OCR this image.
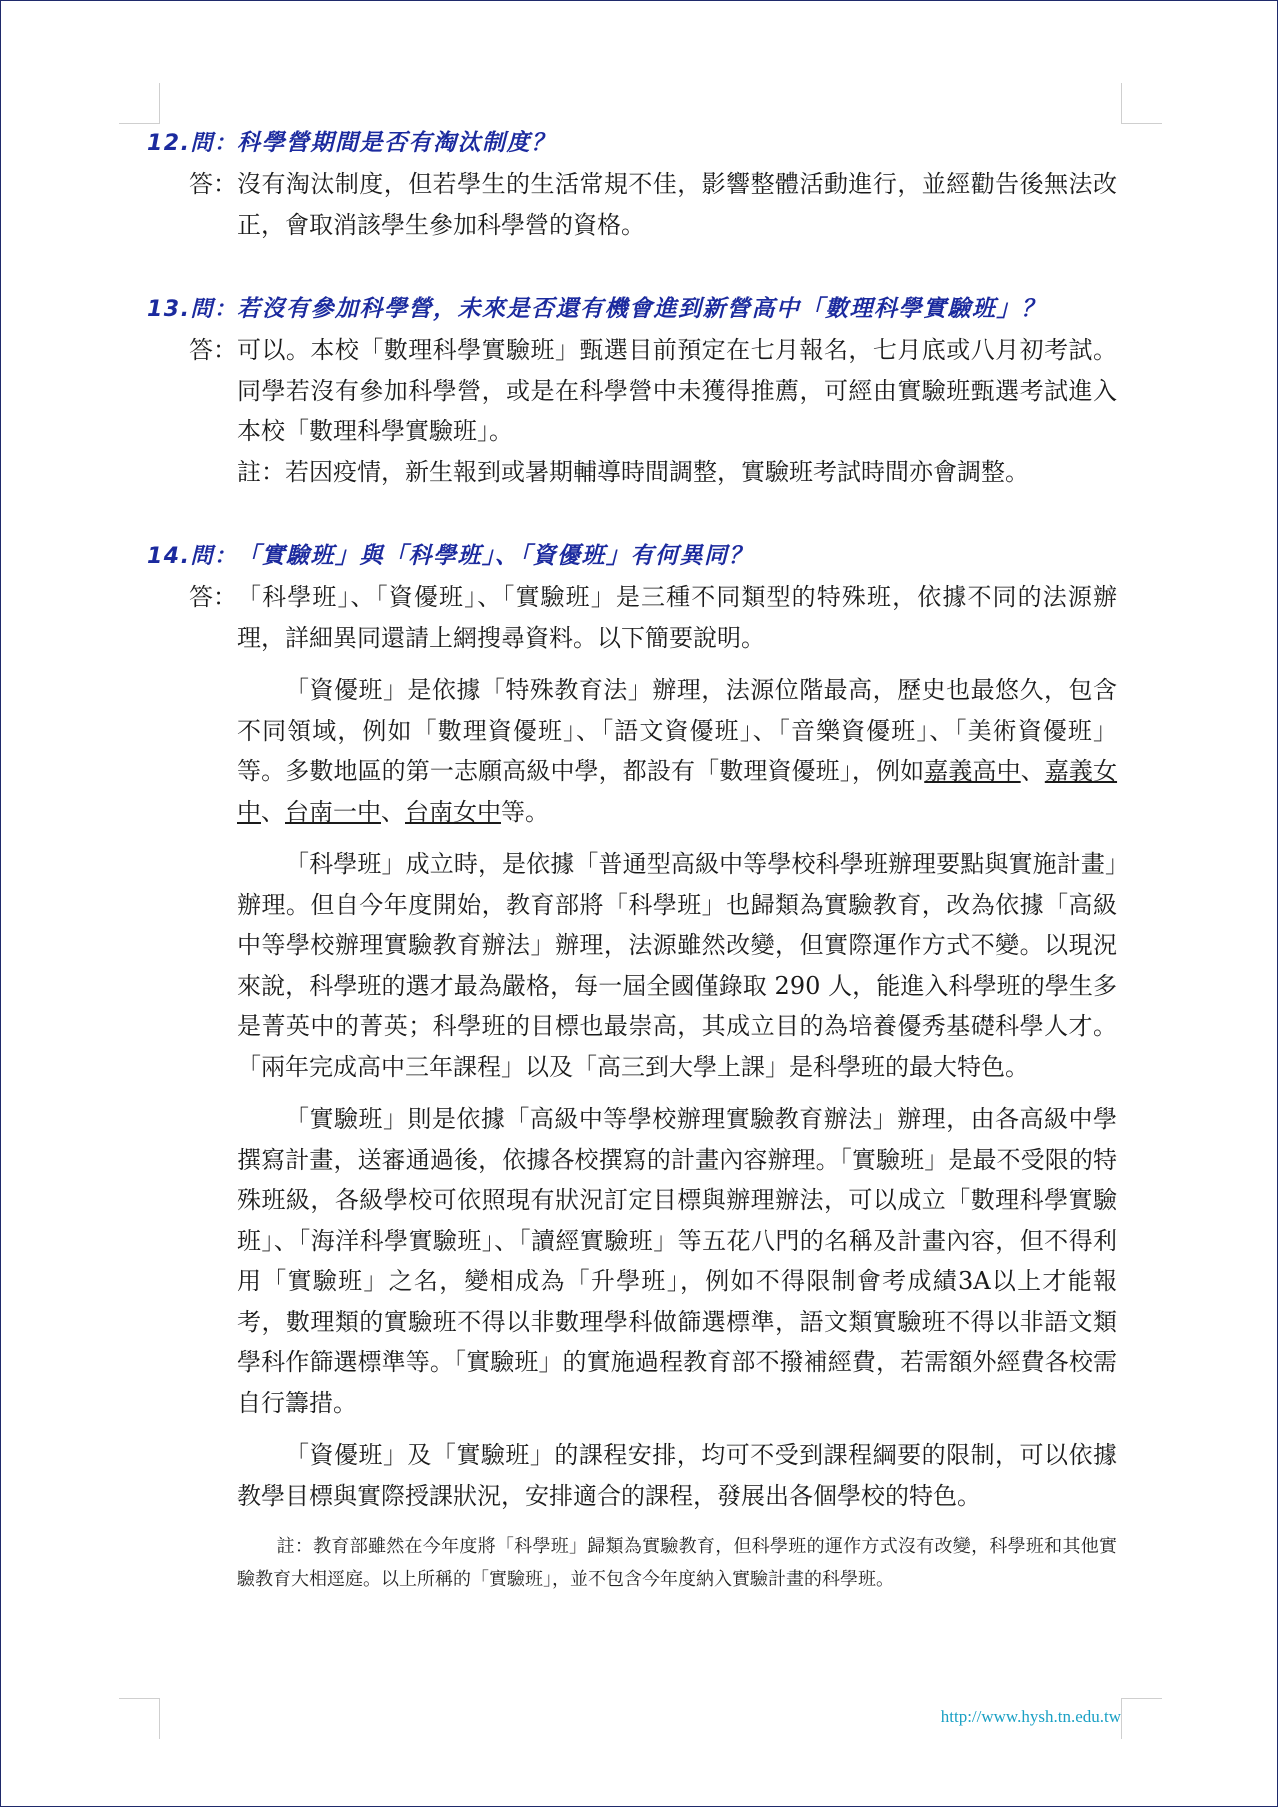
12.問： 科學營期間是否有淘汰制度？
答： 沒有淘汰制度，但若學生的生活常規不佳，影響整體活動進行，並經勸告後無法改正，會取消該學生參加科學營的資格。

13.問： 若沒有參加科學營，未來是否還有機會進到新營高中「數理科學實驗班」？
答： 可以。本校「數理科學實驗班」甄選目前預定在七月報名，七月底或八月初考試。同學若沒有參加科學營，或是在科學營中未獲得推薦，可經由實驗班甄選考試進入本校「數理科學實驗班」。

註：若因疫情，新生報到或暑期輔導時間調整，實驗班考試時間亦會調整。

14.問： 「實驗班」與「科學班」、「資優班」有何異同？
答： 「科學班」、「資優班」、「實驗班」是三種不同類型的特殊班，依據不同的法源辦理，詳細異同還請上網搜尋資料。以下簡要說明。

「資優班」是依據「特殊教育法」辦理，法源位階最高，歷史也最悠久，包含不同領域，例如「數理資優班」、「語文資優班」、「音樂資優班」、「美術資優班」等。多數地區的第一志願高級中學，都設有「數理資優班」，例如嘉義高中、嘉義女中、台南一中、台南女中等。

「科學班」成立時，是依據「普通型高級中等學校科學班辦理要點與實施計畫」辦理。但自今年度開始，教育部將「科學班」也歸類為實驗教育，改為依據「高級中等學校辦理實驗教育辦法」辦理，法源雖然改變，但實際運作方式不變。以現況來說，科學班的選才最為嚴格，每一屆全國僅錄取 290 人，能進入科學班的學生多是菁英中的菁英；科學班的目標也最崇高，其成立目的為培養優秀基礎科學人才。「兩年完成高中三年課程」以及「高三到大學上課」是科學班的最大特色。

「實驗班」則是依據「高級中等學校辦理實驗教育辦法」辦理，由各高級中學撰寫計畫，送審通過後，依據各校撰寫的計畫內容辦理。「實驗班」是最不受限的特殊班級，各級學校可依照現有狀況訂定目標與辦理辦法，可以成立「數理科學實驗班」、「海洋科學實驗班」、「讀經實驗班」等五花八門的名稱及計畫內容，但不得利用「實驗班」之名，變相成為「升學班」，例如不得限制會考成績3A以上才能報考，數理類的實驗班不得以非數理學科做篩選標準，語文類實驗班不得以非語文類學科作篩選標準等。「實驗班」的實施過程教育部不撥補經費，若需額外經費各校需自行籌措。

「資優班」及「實驗班」的課程安排，均可不受到課程綱要的限制，可以依據教學目標與實際授課狀況，安排適合的課程，發展出各個學校的特色。

註：教育部雖然在今年度將「科學班」歸類為實驗教育，但科學班的運作方式沒有改變，科學班和其他實驗教育大相逕庭。以上所稱的「實驗班」，並不包含今年度納入實驗計畫的科學班。

http://www.hysh.tn.edu.tw
